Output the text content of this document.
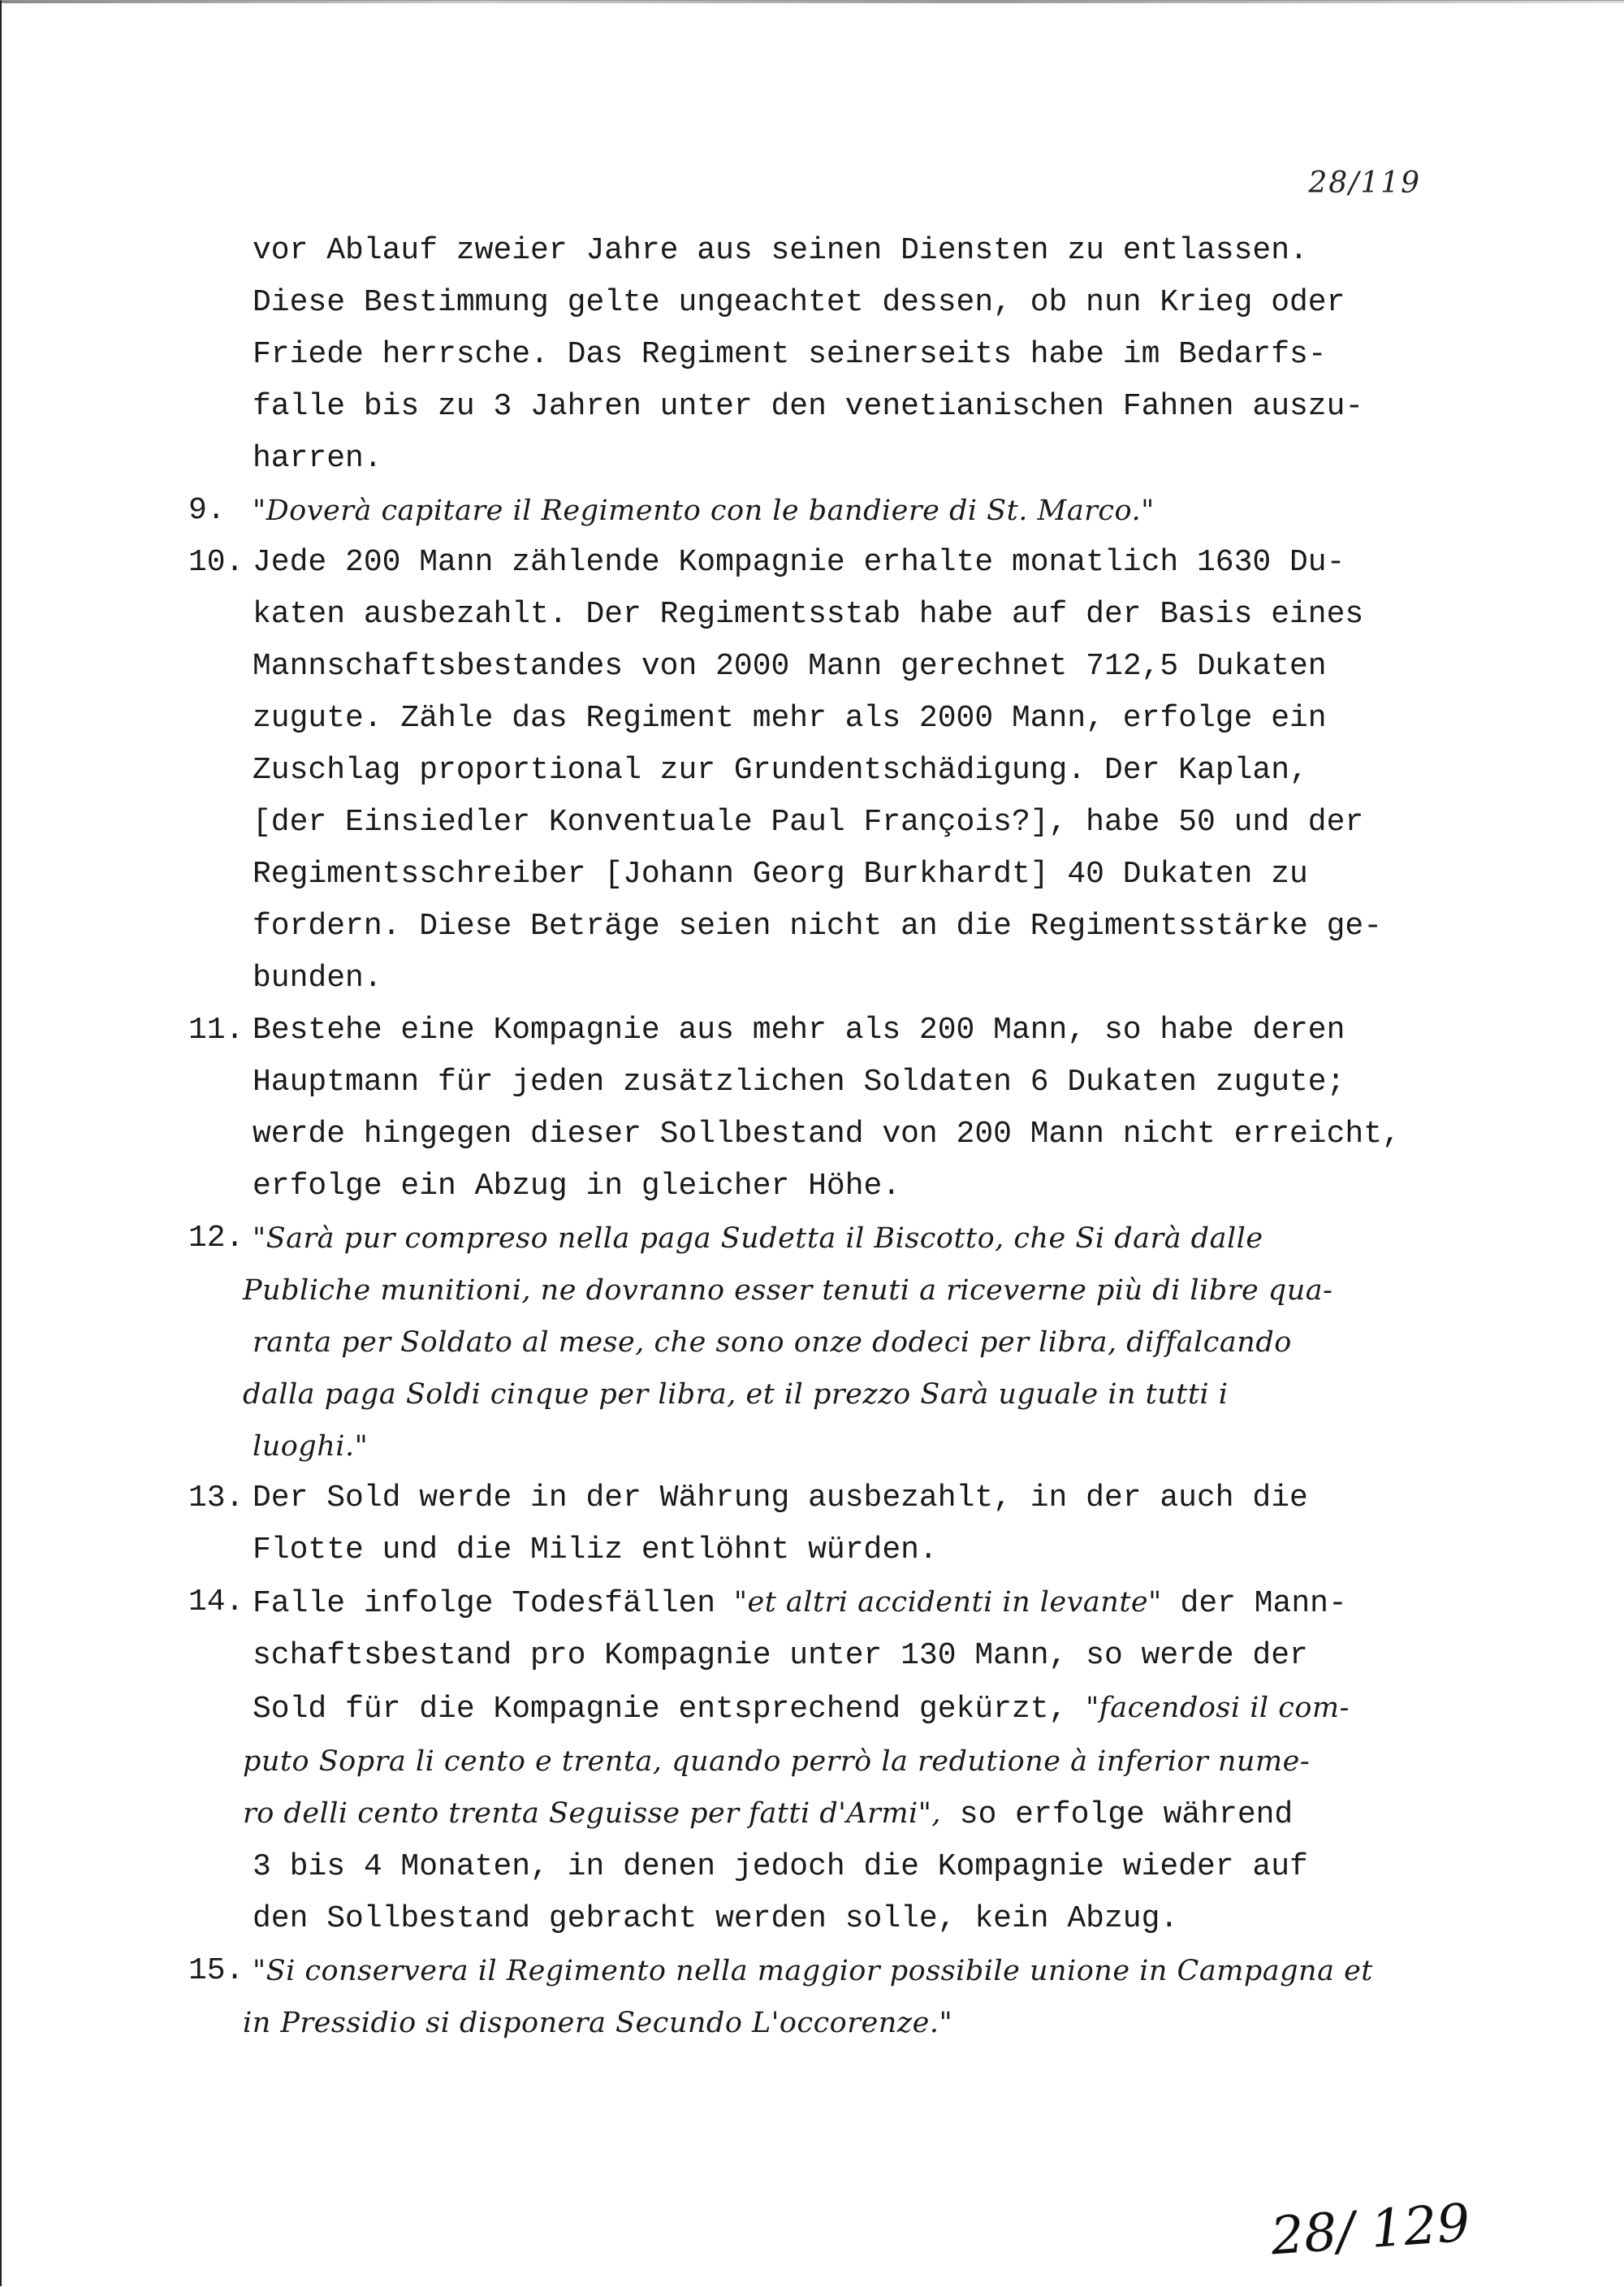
28/119
vor Ablauf zweier Jahre aus seinen Diensten zu entlassen.
Diese Bestimmung gelte ungeachtet dessen, ob nun Krieg oder
Friede herrsche. Das Regiment seinerseits habe im Bedarfs-
falle bis zu 3 Jahren unter den venetianischen Fahnen auszu-
harren.
9. "Doverà capitare il Regimento con le bandiere di St. Marco."
10. Jede 200 Mann zählende Kompagnie erhalte monatlich 1630 Du-
katen ausbezahlt. Der Regimentsstab habe auf der Basis eines
Mannschaftsbestandes von 2000 Mann gerechnet 712,5 Dukaten
zugute. Zähle das Regiment mehr als 2000 Mann, erfolge ein
Zuschlag proportional zur Grundentschädigung. Der Kaplan,
[der Einsiedler Konventuale Paul François?], habe 50 und der
Regimentsschreiber [Johann Georg Burkhardt] 40 Dukaten zu
fordern. Diese Beträge seien nicht an die Regimentsstärke ge-
bunden.
11. Bestehe eine Kompagnie aus mehr als 200 Mann, so habe deren
Hauptmann für jeden zusätzlichen Soldaten 6 Dukaten zugute;
werde hingegen dieser Sollbestand von 200 Mann nicht erreicht,
erfolge ein Abzug in gleicher Höhe.
12. "Sarà pur compreso nella paga Sudetta il Biscotto, che Si darà dalle
Publiche munitioni, ne dovranno esser tenuti a riceverne più di libre qua-
ranta per Soldato al mese, che sono onze dodeci per libra, diffalcando
dalla paga Soldi cinque per libra, et il prezzo Sarà uguale in tutti i
luoghi."
13. Der Sold werde in der Währung ausbezahlt, in der auch die
Flotte und die Miliz entlöhnt würden.
14. Falle infolge Todesfällen "et altri accidenti in levante" der Mann-
schaftsbestand pro Kompagnie unter 130 Mann, so werde der
Sold für die Kompagnie entsprechend gekürzt, "facendosi il com-
puto Sopra li cento e trenta, quando perrò la redutione à inferior nume-
ro delli cento trenta Seguisse per fatti d'Armi", so erfolge während
3 bis 4 Monaten, in denen jedoch die Kompagnie wieder auf
den Sollbestand gebracht werden solle, kein Abzug.
15. "Si conservera il Regimento nella maggior possibile unione in Campagna et
in Pressidio si disponera Secundo L'occorenze."
28/ 129
